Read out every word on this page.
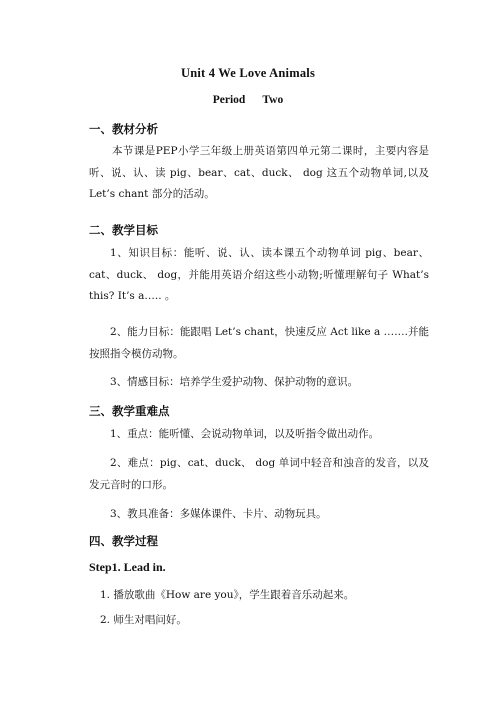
Unit 4 We Love Animals
Period      Two
一、教材分析

本节课是PEP小学三年级上册英语第四单元第二课时，主要内容是听、说、认、读 pig、bear、cat、duck、 dog 这五个动物单词,以及 Let’s chant 部分的活动。

二、教学目标

1、知识目标：能听、说、认、读本课五个动物单词 pig、bear、cat、duck、 dog，并能用英语介绍这些小动物;听懂理解句子 What’s this? It’s a….. 。

2、能力目标：能跟唱 Let’s chant，快速反应 Act like a …….并能按照指令模仿动物。

3、情感目标：培养学生爱护动物、保护动物的意识。

三、教学重难点

1、重点：能听懂、会说动物单词，以及听指令做出动作。

2、难点：pig、cat、duck、 dog 单词中轻音和浊音的发音，以及发元音时的口形。

3、教具准备：多媒体课件、卡片、动物玩具。

四、教学过程
Step1. Lead in.
1. 播放歌曲《How are you》，学生跟着音乐动起来。
2. 师生对唱问好。
